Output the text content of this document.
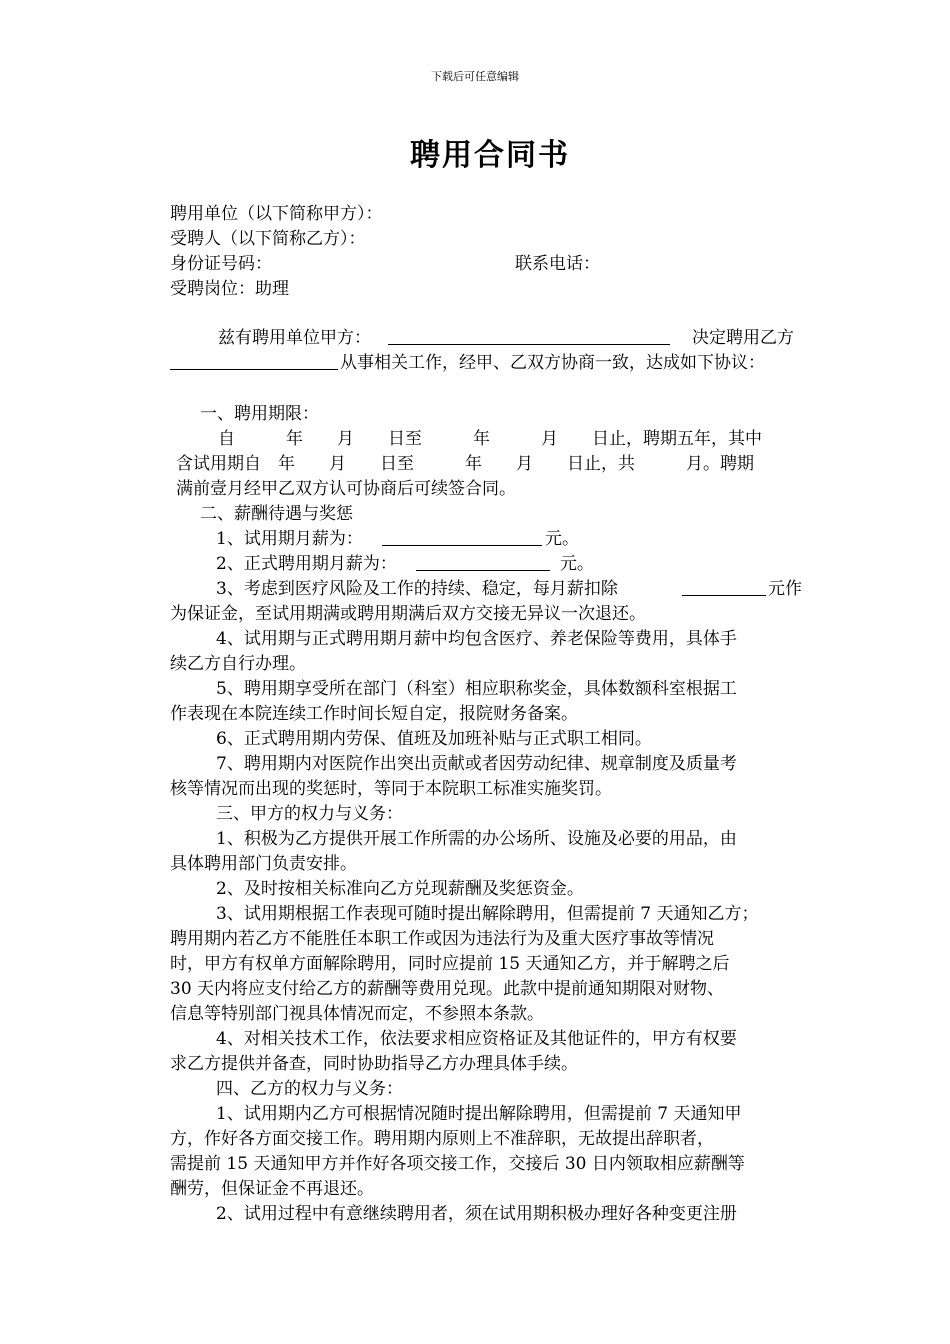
下载后可任意编辑
聘用合同书
聘用单位（以下简称甲方）：
受聘人（以下简称乙方）：
身份证号码：	联系电话：
受聘岗位：助理
兹有聘用单位甲方：	决定聘用乙方
从事相关工作，经甲、乙双方协商一致，达成如下协议：
一、聘用期限：
自　　　年　　月　　日至　　　年　　　月　　日止，聘期五年，其中
含试用期自　年　　月　　日至　　　年　　月　　日止，共　　　月。聘期
满前壹月经甲乙双方认可协商后可续签合同。
二、薪酬待遇与奖惩
1、试用期月薪为：	元。
2、正式聘用期月薪为：	元。
3、考虑到医疗风险及工作的持续、稳定，每月薪扣除	元作
为保证金，至试用期满或聘用期满后双方交接无异议一次退还。
4、试用期与正式聘用期月薪中均包含医疗、养老保险等费用，具体手
续乙方自行办理。
5、聘用期享受所在部门（科室）相应职称奖金，具体数额科室根据工
作表现在本院连续工作时间长短自定，报院财务备案。
6、正式聘用期内劳保、值班及加班补贴与正式职工相同。
7、聘用期内对医院作出突出贡献或者因劳动纪律、规章制度及质量考
核等情况而出现的奖惩时，等同于本院职工标准实施奖罚。
三、甲方的权力与义务：
1、积极为乙方提供开展工作所需的办公场所、设施及必要的用品，由
具体聘用部门负责安排。
2、及时按相关标准向乙方兑现薪酬及奖惩资金。
3、试用期根据工作表现可随时提出解除聘用，但需提前 7 天通知乙方；
聘用期内若乙方不能胜任本职工作或因为违法行为及重大医疗事故等情况
时，甲方有权单方面解除聘用，同时应提前 15 天通知乙方，并于解聘之后
30 天内将应支付给乙方的薪酬等费用兑现。此款中提前通知期限对财物、
信息等特别部门视具体情况而定，不参照本条款。
4、对相关技术工作，依法要求相应资格证及其他证件的，甲方有权要
求乙方提供并备查，同时协助指导乙方办理具体手续。
四、乙方的权力与义务：
1、试用期内乙方可根据情况随时提出解除聘用，但需提前 7 天通知甲
方，作好各方面交接工作。聘用期内原则上不准辞职，无故提出辞职者，
需提前 15 天通知甲方并作好各项交接工作，交接后 30 日内领取相应薪酬等
酬劳，但保证金不再退还。
2、试用过程中有意继续聘用者，须在试用期积极办理好各种变更注册
